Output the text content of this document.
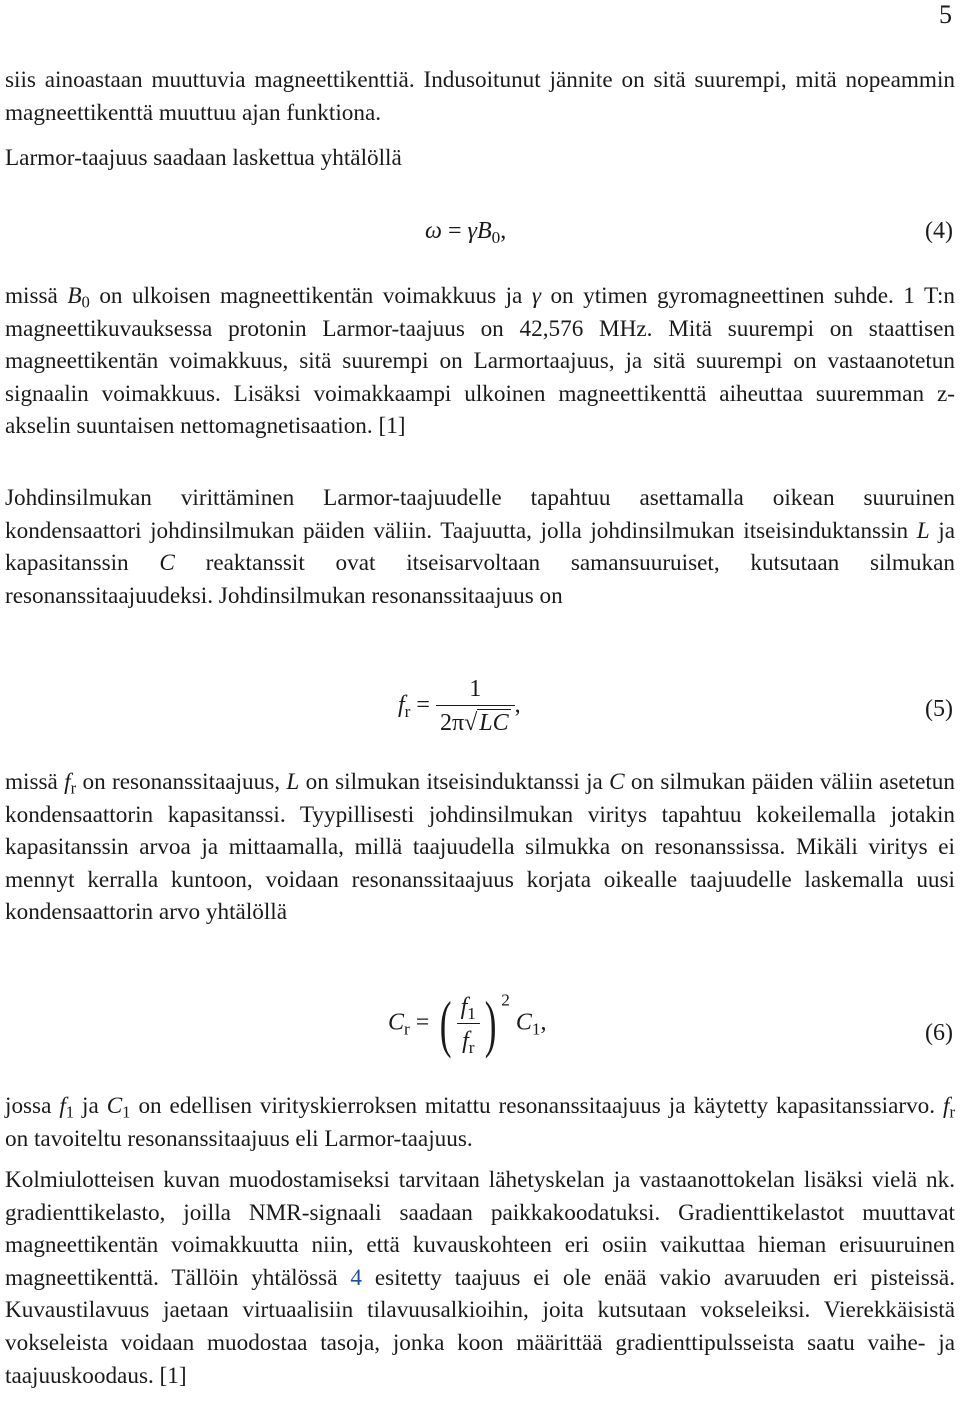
5

siis ainoastaan muuttuvia magneettikenttiä. Indusoitunut jännite on sitä suurempi, mitä nopeammin magneettikenttä muuttuu ajan funktiona.

Larmor-taajuus saadaan laskettua yhtälöllä

$\omega = \gamma B_0$,	(4)

missä $B_0$ on ulkoisen magneettikentän voimakkuus ja γ on ytimen gyromagneettinen suhde. 1 T:n magneettikuvauksessa protonin Larmor-taajuus on 42,576 MHz. Mitä suurempi on staattisen magneettikentän voimakkuus, sitä suurempi on Larmortaajuus, ja sitä suurempi on vastaanotetun signaalin voimakkuus. Lisäksi voimakkaampi ulkoinen magneettikenttä aiheuttaa suuremman z-akselin suuntaisen nettomagnetisaation. [1]

Johdinsilmukan virittäminen Larmor-taajuudelle tapahtuu asettamalla oikean suuruinen kondensaattori johdinsilmukan päiden väliin. Taajuutta, jolla johdinsilmukan itseisinduktanssin L ja kapasitanssin C reaktanssit ovat itseisarvoltaan samansuuruiset, kutsutaan silmukan resonanssitaajuudeksi. Johdinsilmukan resonanssitaajuus on

$f_r = \frac{1}{2\pi√LC}$ ,	(5)

missä $f_r$ on resonanssitaajuus, L on silmukan itseisinduktanssi ja C on silmukan päiden väliin asetetun kondensaattorin kapasitanssi. Tyypillisesti johdinsilmukan viritys tapahtuu kokeilemalla jotakin kapasitanssin arvoa ja mittaamalla, millä taajuudella silmukka on resonanssissa. Mikäli viritys ei mennyt kerralla kuntoon, voidaan resonanssitaajuus korjata oikealle taajuudelle laskemalla uusi kondensaattorin arvo yhtälöllä

$C_r$ = ( $\frac{f_1}{f_r}$ ) $^2$ $C_1$,	(6)

jossa $f_1$ ja $C_1$ on edellisen virityskierroksen mitattu resonanssitaajuus ja käytetty kapasitanssiarvo. $f_r$ on tavoiteltu resonanssitaajuus eli Larmor-taajuus.

Kolmiulotteisen kuvan muodostamiseksi tarvitaan lähetyskelan ja vastaanottokelan lisäksi vielä nk. gradienttikelasto, joilla NMR-signaali saadaan paikkakoodatuksi. Gradienttikelastot muuttavat magneettikentän voimakkuutta niin, että kuvauskohteen eri osiin vaikuttaa hieman erisuuruinen magneettikenttä. Tällöin yhtälössä 4 esitetty taajuus ei ole enää vakio avaruuden eri pisteissä. Kuvaustilavuus jaetaan virtuaalisiin tilavuusalkioihin, joita kutsutaan vokseleiksi. Vierekkäisistä vokseleista voidaan muodostaa tasoja, jonka koon määrittää gradienttipulsseista saatu vaihe- ja taajuuskoodaus. [1]
